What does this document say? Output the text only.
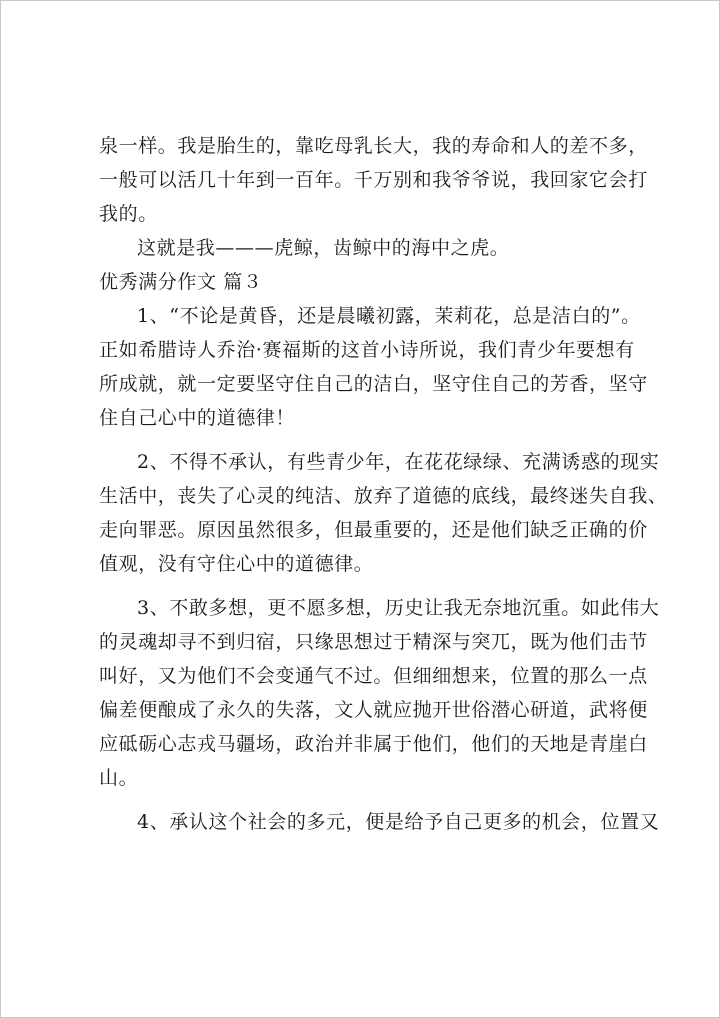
泉一样。我是胎生的，靠吃母乳长大，我的寿命和人的差不多，
一般可以活几十年到一百年。千万别和我爷爷说，我回家它会打
我的。
这就是我———虎鲸，齿鲸中的海中之虎。
优秀满分作文 篇３
1、“不论是黄昏，还是晨曦初露，茉莉花，总是洁白的”。
正如希腊诗人乔治·赛福斯的这首小诗所说，我们青少年要想有
所成就，就一定要坚守住自己的洁白，坚守住自己的芳香，坚守
住自己心中的道德律！
2、不得不承认，有些青少年，在花花绿绿、充满诱惑的现实
生活中，丧失了心灵的纯洁、放弃了道德的底线，最终迷失自我、
走向罪恶。原因虽然很多，但最重要的，还是他们缺乏正确的价
值观，没有守住心中的道德律。
3、不敢多想，更不愿多想，历史让我无奈地沉重。如此伟大
的灵魂却寻不到归宿，只缘思想过于精深与突兀，既为他们击节
叫好，又为他们不会变通气不过。但细细想来，位置的那么一点
偏差便酿成了永久的失落，文人就应抛开世俗潜心研道，武将便
应砥砺心志戎马疆场，政治并非属于他们，他们的天地是青崖白
山。
4、承认这个社会的多元，便是给予自己更多的机会，位置又
